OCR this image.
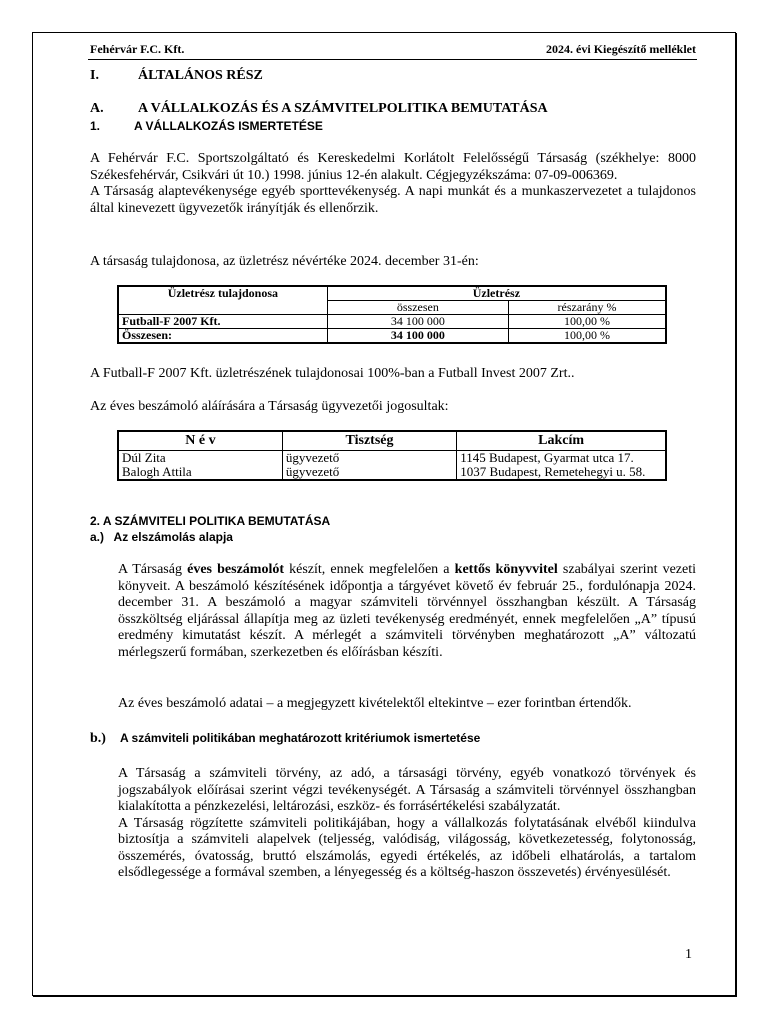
Fehérvár F.C. Kft.	2024. évi Kiegészítő melléklet
I.	ÁLTALÁNOS RÉSZ
A. A VÁLLALKOZÁS ÉS A SZÁMVITELPOLITIKA BEMUTATÁSA
1.	A VÁLLALKOZÁS ISMERTETÉSE
A Fehérvár F.C. Sportszolgáltató és Kereskedelmi Korlátolt Felelősségű Társaság (székhelye: 8000 Székesfehérvár, Csikvári út 10.) 1998. június 12-én alakult. Cégjegyzékszáma: 07-09-006369.
A Társaság alaptevékenysége egyéb sporttevékenység. A napi munkát és a munkaszervezetet a tulajdonos által kinevezett ügyvezetők irányítják és ellenőrzik.
A társaság tulajdonosa, az üzletrész névértéke 2024. december 31-én:
Üzletrész tulajdonosa	Üzletrész	
	összesen	részarány %
Futball-F 2007 Kft.	34 100 000	100,00 %
Összesen:	34 100 000	100,00 %
A Futball-F 2007 Kft. üzletrészének tulajdonosai 100%-ban a Futball Invest 2007 Zrt..
Az éves beszámoló aláírására a Társaság ügyvezetői jogosultak:
N é v	Tisztség	Lakcím
Dúl Zita	ügyvezető	1145 Budapest, Gyarmat utca 17.
Balogh Attila	ügyvezető	1037 Budapest, Remetehegyi u. 58.
2. A SZÁMVITELI POLITIKA BEMUTATÁSA
a.)   Az elszámolás alapja
A Társaság éves beszámolót készít, ennek megfelelően a kettős könyvvitel szabályai szerint vezeti könyveit. A beszámoló készítésének időpontja a tárgyévet követő év február 25., fordulónapja 2024. december 31. A beszámoló a magyar számviteli törvénnyel összhangban készült. A Társaság összköltség eljárással állapítja meg az üzleti tevékenység eredményét, ennek megfelelően „A” típusú eredmény kimutatást készít. A mérlegét a számviteli törvényben meghatározott „A” változatú mérlegszerű formában, szerkezetben és előírásban készíti.
Az éves beszámoló adatai – a megjegyzett kivételektől eltekintve – ezer forintban értendők.
b.) A számviteli politikában meghatározott kritériumok ismertetése
A Társaság a számviteli törvény, az adó, a társasági törvény, egyéb vonatkozó törvények és jogszabályok előírásai szerint végzi tevékenységét. A Társaság a számviteli törvénnyel összhangban kialakította a pénzkezelési, leltározási, eszköz- és forrásértékelési szabályzatát.
A Társaság rögzítette számviteli politikájában, hogy a vállalkozás folytatásának elvéből kiindulva biztosítja a számviteli alapelvek (teljesség, valódiság, világosság, következetesség, folytonosság, összemérés, óvatosság, bruttó elszámolás, egyedi értékelés, az időbeli elhatárolás, a tartalom elsődlegessége a formával szemben, a lényegesség és a költség-haszon összevetés) érvényesülését.
1
